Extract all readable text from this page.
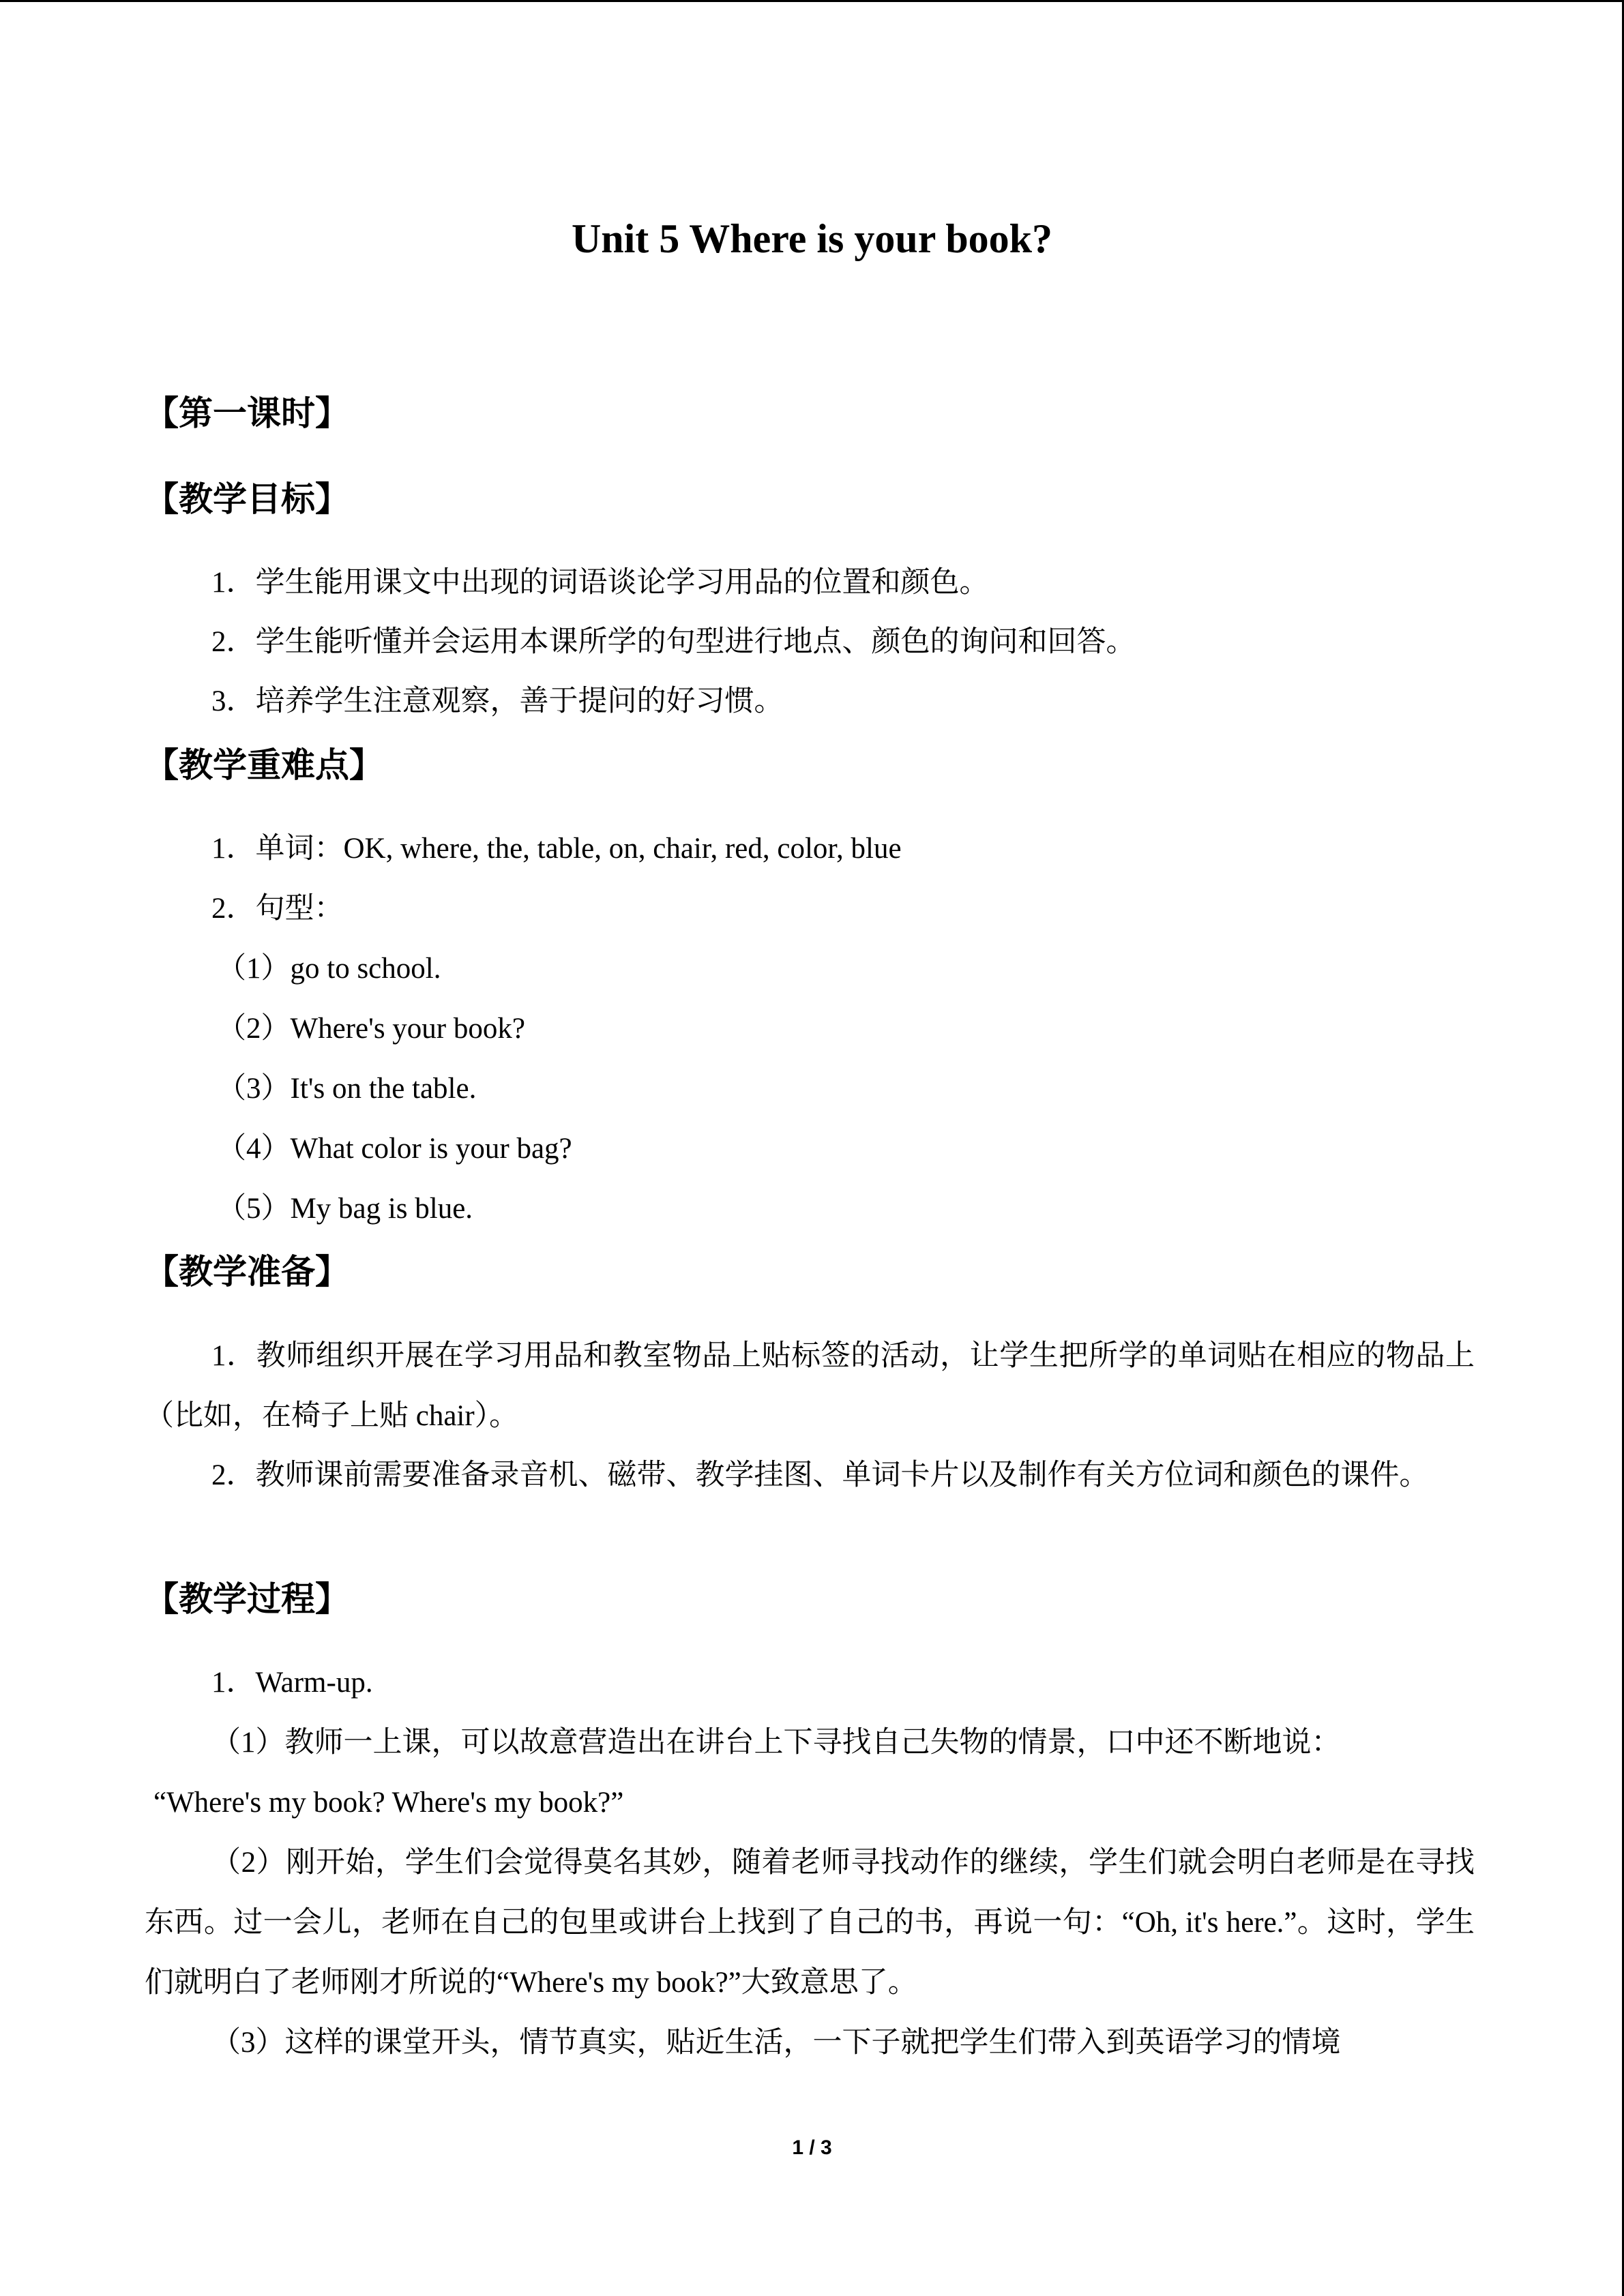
Unit 5 Where is your book?
【第一课时】
【教学目标】
1．学生能用课文中出现的词语谈论学习用品的位置和颜色。
2．学生能听懂并会运用本课所学的句型进行地点、颜色的询问和回答。
3．培养学生注意观察，善于提问的好习惯。
【教学重难点】
1．单词：OK, where, the, table, on, chair, red, color, blue
2．句型：
（1）go to school.
（2）Where's your book?
（3）It's on the table.
（4）What color is your bag?
（5）My bag is blue.
【教学准备】

1．教师组织开展在学习用品和教室物品上贴标签的活动，让学生把所学的单词贴在相应的物品上（比如，在椅子上贴 chair）。

2．教师课前需要准备录音机、磁带、教学挂图、单词卡片以及制作有关方位词和颜色的课件。

【教学过程】
1．Warm-up.
（1）教师一上课，可以故意营造出在讲台上下寻找自己失物的情景，口中还不断地说：
“Where's my book? Where's my book?”

（2）刚开始，学生们会觉得莫名其妙，随着老师寻找动作的继续，学生们就会明白老师是在寻找东西。过一会儿，老师在自己的包里或讲台上找到了自己的书，再说一句：“Oh, it's here.”。这时，学生们就明白了老师刚才所说的“Where's my book?”大致意思了。

（3）这样的课堂开头，情节真实，贴近生活，一下子就把学生们带入到英语学习的情境

1 / 3
